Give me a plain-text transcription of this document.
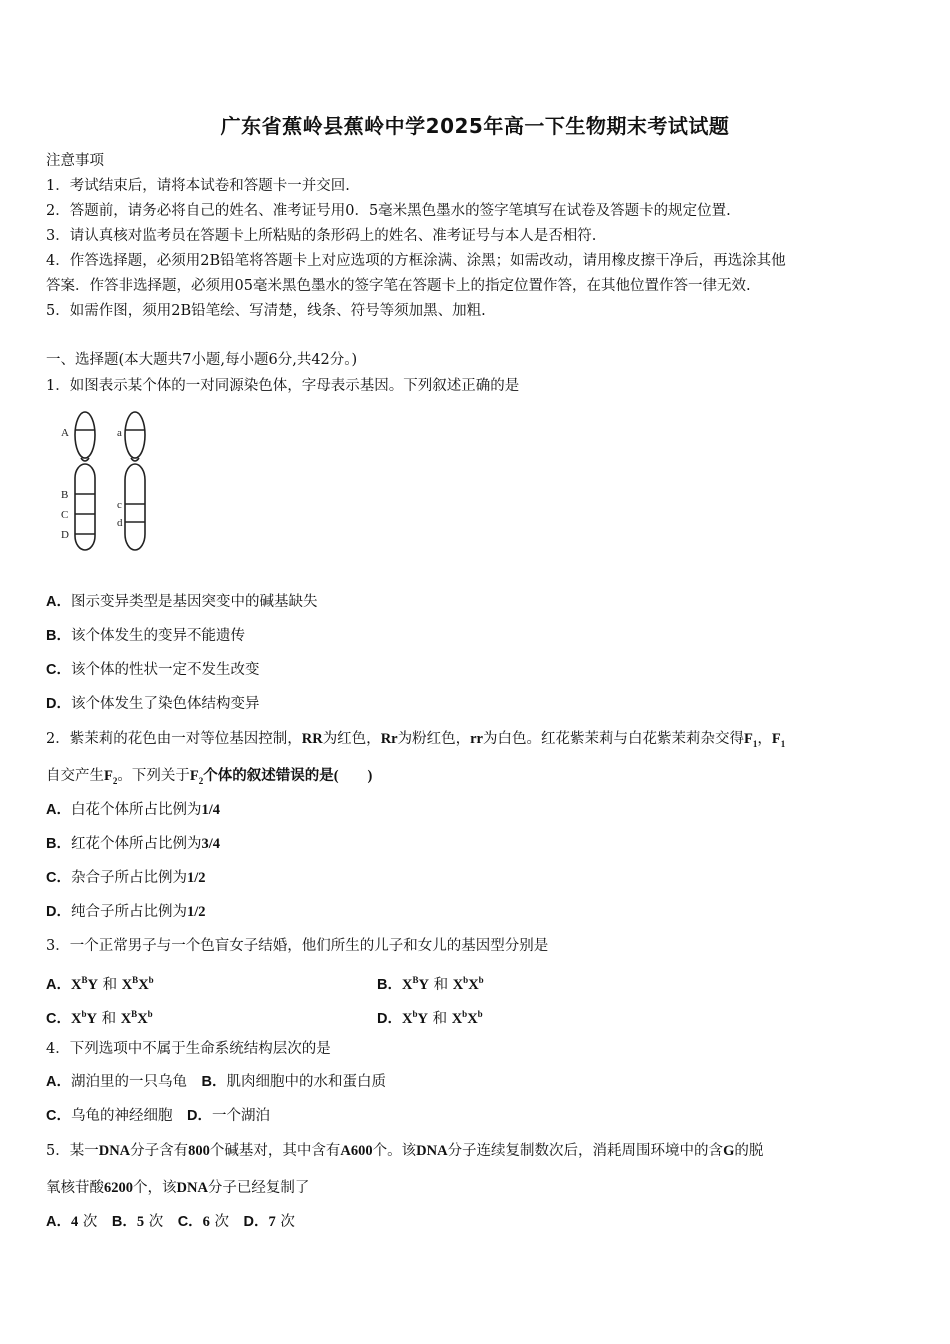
广东省蕉岭县蕉岭中学2025年高一下生物期末考试试题
注意事项
1．考试结束后，请将本试卷和答题卡一并交回.
2．答题前，请务必将自己的姓名、准考证号用0．5毫米黑色墨水的签字笔填写在试卷及答题卡的规定位置.
3．请认真核对监考员在答题卡上所粘贴的条形码上的姓名、准考证号与本人是否相符.
4．作答选择题，必须用2B铅笔将答题卡上对应选项的方框涂满、涂黑；如需改动，请用橡皮擦干净后，再选涂其他
答案．作答非选择题，必须用05毫米黑色墨水的签字笔在答题卡上的指定位置作答，在其他位置作答一律无效.
5．如需作图，须用2B铅笔绘、写清楚，线条、符号等须加黑、加粗.
一、选择题(本大题共7小题,每小题6分,共42分。)
1．如图表示某个体的一对同源染色体，字母表示基因。下列叙述正确的是
A
B
C
D
a
c
d
A．图示变异类型是基因突变中的碱基缺失
B．该个体发生的变异不能遗传
C．该个体的性状一定不发生改变
D．该个体发生了染色体结构变异
2．紫茉莉的花色由一对等位基因控制，RR为红色，Rr为粉红色，rr为白色。红花紫茉莉与白花紫茉莉杂交得$F_1$，$F_1$
自交产生$F_2$。下列关于$F_2$个体的叙述错误的是(　　)
A．白花个体所占比例为1/4
B．红花个体所占比例为3/4
C．杂合子所占比例为1/2
D．纯合子所占比例为1/2
3．一个正常男子与一个色盲女子结婚，他们所生的儿子和女儿的基因型分别是
A．$X^BY$ 和 $X^BX^b$	B．$X^BY$ 和 $X^bX^b$
C．$X^bY$ 和 $X^BX^b$	D．$X^bY$ 和 $X^bX^b$
4．下列选项中不属于生命系统结构层次的是
A．湖泊里的一只乌龟　 B．肌肉细胞中的水和蛋白质
C．乌龟的神经细胞　 D．一个湖泊
5．某一DNA分子含有800个碱基对，其中含有A600个。该DNA分子连续复制数次后，消耗周围环境中的含G的脱
氧核苷酸6200个，该DNA分子已经复制了
A．4 次　 B．5 次　 C．6 次　 D．7 次
